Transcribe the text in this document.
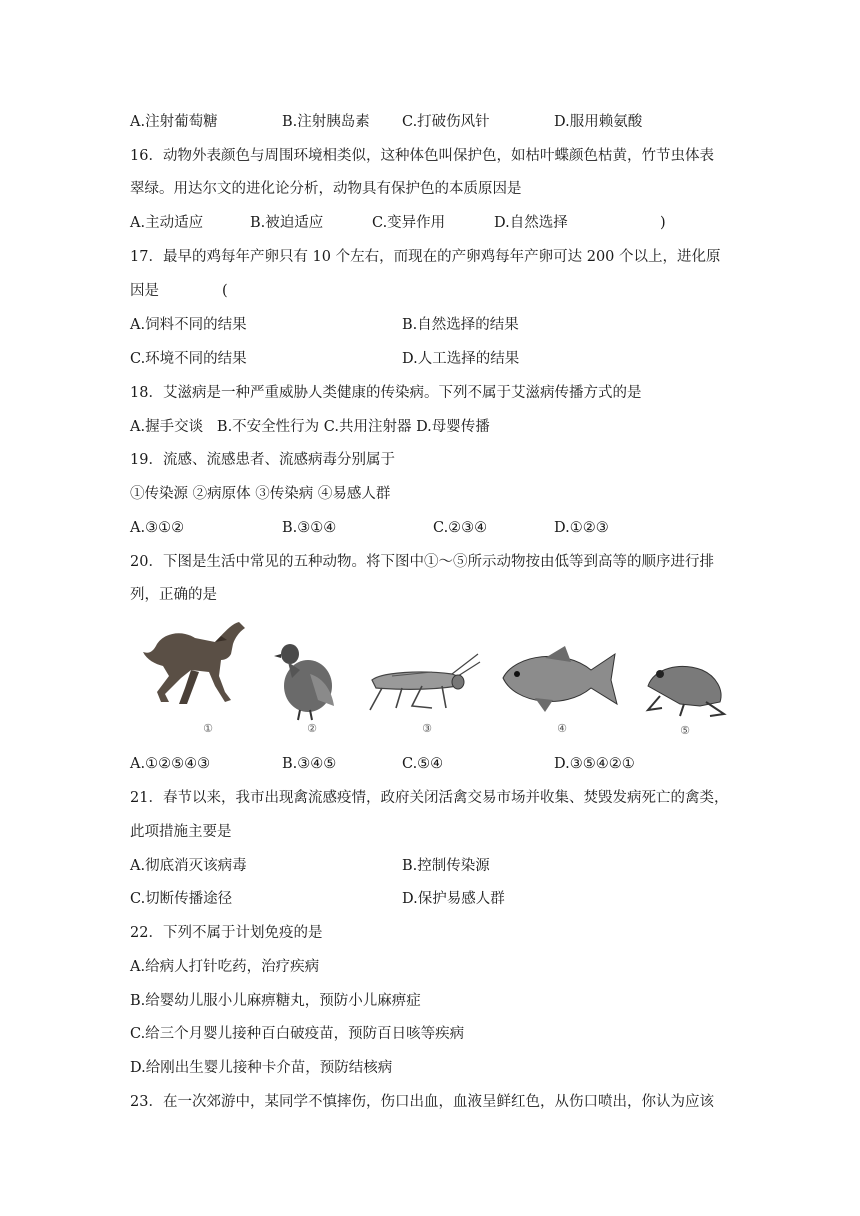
A.注射葡萄糖	B.注射胰岛素 C.打破伤风针	D.服用赖氨酸
16．动物外表颜色与周围环境相类似，这种体色叫保护色，如枯叶蝶颜色枯黄，竹节虫体表
翠绿。用达尔文的进化论分析，动物具有保护色的本质原因是
A.主动适应	B.被迫适应	C.变异作用	D.自然选择	)
17．最早的鸡每年产卵只有 10 个左右，而现在的产卵鸡每年产卵可达 200 个以上，进化原
因是	(
A.饲料不同的结果	B.自然选择的结果
C.环境不同的结果	D.人工选择的结果
18．艾滋病是一种严重威胁人类健康的传染病。下列不属于艾滋病传播方式的是
A.握手交谈   B.不安全性行为 C.共用注射器 D.母婴传播
19．流感、流感患者、流感病毒分别属于
①传染源 ②病原体 ③传染病 ④易感人群
A.③①②	B.③①④	C.②③④	D.①②③
20．下图是生活中常见的五种动物。将下图中①～⑤所示动物按由低等到高等的顺序进行排
列，正确的是
①	②	③	④	⑤
A.①②⑤④③	B.③④⑤	C.⑤④	D.③⑤④②①
21．春节以来，我市出现禽流感疫情，政府关闭活禽交易市场并收集、焚毁发病死亡的禽类，
此项措施主要是
A.彻底消灭该病毒	B.控制传染源
C.切断传播途径	D.保护易感人群
22．下列不属于计划免疫的是
A.给病人打针吃药，治疗疾病
B.给婴幼儿服小儿麻痹糖丸，预防小儿麻痹症
C.给三个月婴儿接种百白破疫苗，预防百日咳等疾病
D.给刚出生婴儿接种卡介苗，预防结核病
23．在一次郊游中，某同学不慎摔伤，伤口出血，血液呈鲜红色，从伤口喷出，你认为应该
